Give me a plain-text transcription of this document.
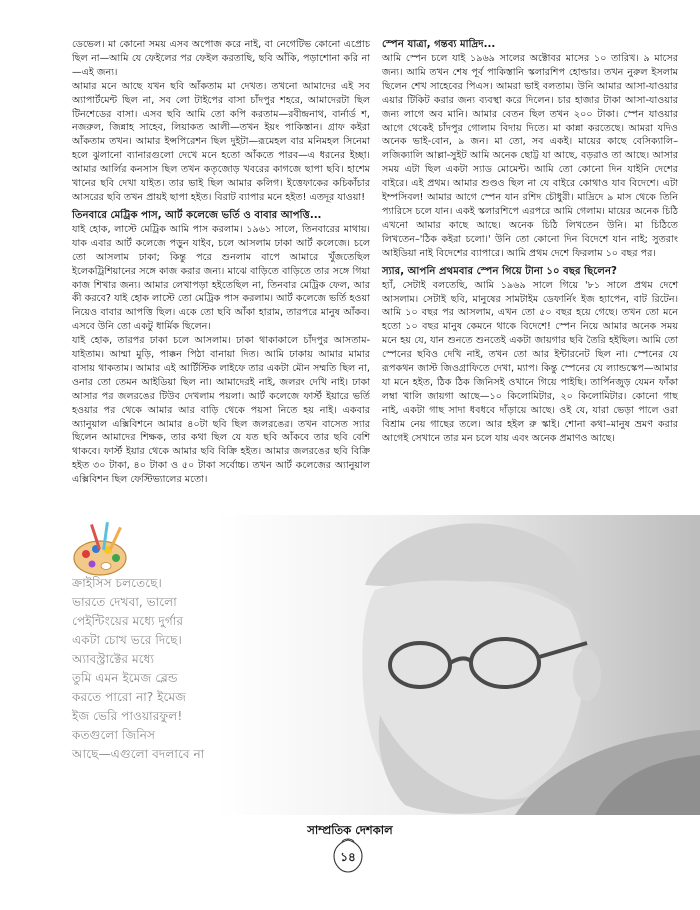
ডেভেল। মা কোনো সময় এসব অপোজ করে নাই, বা নেগেটিভ কোনো এপ্রোচ ছিল না—আমি যে ফেইলের পর ফেইল করতাছি, ছবি আঁকি, পড়াশোনা করি না—এই জন্য।

আমার মনে আছে যখন ছবি আঁকতাম মা দেখত। তখনো আমাদের এই সব অ্যাপার্টমেন্ট ছিল না, সব লো টাইপের বাসা চাঁদপুর শহরে, আমাদেরটা ছিল টিনশেডের বাসা। এসব ছবি আমি তো কপি করতাম—রবীন্দ্রনাথ, বার্নার্ড শ, নজরুল, জিন্নাহ সাহেব, লিয়াকত আলী—তখন ইয়ং পাকিস্তান। গ্রাফ কইরা আঁকতাম তখন। আমার ইন্সপিরেশন ছিল দুইটা—রূমেহল বার মনিমহল সিনেমা হলে ঝুলানো ব্যানারগুলো দেখে মনে হতো আঁকতে পারব—এ ধরনের ইচ্ছা। আমার আর্লির কনসাস ছিল তখন কতৃজোড় খবরের কাগজে ছাপা ছবি। হাশেম খানের ছবি দেখা যাইত। তার ভাই ছিল আমার কলিগ। ইত্তেফাকের কচিকাঁচার আসরের ছবি তখন প্রায়ই ছাপা হইত। বিরাট ব্যাপার মনে হইত! এতদূর যাওয়া!

তিনবারে মেট্রিক পাস, আর্ট কলেজে ভর্তি ও বাবার আপত্তি...

যাই হোক, লাস্টে মেট্রিক আমি পাস করলাম। ১৯৬১ সালে, তিনবারের মাথায়। যাক এবার আর্ট কলেজে পড়ুন যাইব, চলে আসলাম ঢাকা আর্ট কলেজে। চলে তো আসলাম ঢাকা; কিন্তু পরে শুনলাম বাপে আমারে খুঁজতেছিল ইলেকট্রিশিয়ানের সঙ্গে কাজ করার জন্য। মাঝে বাড়িতে বাড়িতে তার সঙ্গে গিয়া কাজ শিখার জন্য। আমার লেখাপড়া হইতেছিল না, তিনবার মেট্রিক ফেল, আর কী করবে? যাই হোক লাস্টে তো মেট্রিক পাস করলাম। আর্ট কলেজে ভর্তি হওয়া নিয়েও বাবার আপত্তি ছিল। একে তো ছবি আঁকা হারাম, তারপরে মানুষ আঁকব। এসবে উনি তো একটু ধার্মিক ছিলেন।

যাই হোক, তারপর ঢাকা চলে আসলাম। ঢাকা থাকাকালে চাঁদপুর আসতাম-যাইতাম। আম্মা মুড়ি, পাক্কন পিঠা বানায়া দিত। আমি ঢাকায় আমার মামার বাসায় থাকতাম। আমার এই আর্টিস্টিক লাইফে তার একটা মৌন সম্মতি ছিল না, ওনার তো তেমন আইডিয়া ছিল না। আমাদেরই নাই, জলরং দেখি নাই। ঢাকা আসার পর জলরঙের টিউব দেখলাম পয়লা। আর্ট কলেজে ফার্স্ট ইয়ারে ভর্তি হওয়ার পর থেকে আমার আর বাড়ি থেকে পয়সা নিতে হয় নাই। একবার অ্যানুয়াল এক্সিবিশনে আমার ৪০টা ছবি ছিল জলরঙের। তখন বাসেত স্যার ছিলেন আমাদের শিক্ষক, তার কথা ছিল যে যত ছবি আঁকবে তার ছবি বেশি থাকবে। ফার্স্ট ইয়ার থেকে আমার ছবি বিক্রি হইত। আমার জলরঙের ছবি বিক্রি হইত ৩০ টাকা, ৪০ টাকা ও ৫০ টাকা সর্বোচ্চ। তখন আর্ট কলেজের অ্যানুয়াল এক্সিবিশন ছিল ফেস্টিভ্যালের মতো।

স্পেন যাত্রা, গন্তব্য মাদ্রিদ...

আমি স্পেন চলে যাই ১৯৬৯ সালের অক্টোবর মাসের ১০ তারিখ। ৯ মাসের জন্য। আমি তখন শেষ পূর্ব পাকিস্তানি স্কলারশিপ হোল্ডার। তখন নুরুল ইসলাম ছিলেন শেখ সাহেবের পিএস। আমরা ভাই বলতাম। উনি আমার আসা-যাওয়ার এয়ার টিকিট করার জন্য ব্যবস্থা করে দিলেন। চার হাজার টাকা আসা-যাওয়ার জন্য লাগে অব মানি। আমার বেতন ছিল তখন ২০০ টাকা। স্পেন যাওয়ার আগে থেকেই চাঁদপুর গোলাম বিদায় দিতে। মা কান্না করতেছে। আমরা যদিও অনেক ভাই-বোন, ৯ জন। মা তো, সব একই। মায়ের কাছে বেসিক্যালি– লজিক্যালি আল্লা-সুইট আমি অনেক ছোট্ট যা আছে, বড়রাও তা আছে। আসার সময় এটা ছিল একটা স্যাড মোমেন্ট। আমি তো কোনো দিন যাইনি দেশের বাইরে। এই প্রথম। আমার শুণ্ডও ছিল না যে বাইরে কোথাও যাব বিদেশে। এটা ইম্পসিবল! আমার আগে স্পেন যান রশিদ চৌধুরী। মাদ্রিদে ৯ মাস থেকে তিনি প্যারিসে চলে যান। একই স্কলারশিপে এরপরে আমি গেলাম। মায়ের অনেক চিঠি এখনো আমার কাছে আছে। অনেক চিঠি লিখতেন উনি। মা চিঠিতে লিখতেন–'ঠিক কইরা চলো।' উনি তো কোনো দিন বিদেশে যান নাই; সুতরাং আইডিয়া নাই বিদেশের ব্যাপারে। আমি প্রথম দেশে ফিরলাম ১০ বছর পর।

স্যার, আপনি প্রথমবার স্পেন গিয়ে টানা ১০ বছর ছিলেন?

হ্যাঁ, সেটাই বলতেছি, আমি ১৯৬৯ সালে গিয়ে '৮১ সালে প্রথম দেশে আসলাম। সেটাই ছবি, মানুষের সামটাইম ডেফার্নিং ইজ হ্যাপেন, বাট রিটেন। আমি ১০ বছর পর আসলাম, এখন তো ৫০ বছর হয়ে গেছে। তখন তো মনে হতো ১০ বছর মানুষ কেমনে থাকে বিদেশে! স্পেন নিয়ে আমার অনেক সময় মনে হয় যে, যান শুনতে শুনতেই একটা জায়গার ছবি তৈরি হইছিল। আমি তো স্পেনের ছবিও দেখি নাই, তখন তো আর ইন্টারনেট ছিল না। স্পেনের যে রূপকথন জাস্ট জিওগ্রাফিতে দেখা, ম্যাপ। কিন্তু স্পেনের যে ল্যান্ডস্কেপ—আমার যা মনে হইত, ঠিক ঠিক জিনিসই ওখানে গিয়ে পাইছি। তার্পিনজুড় যেমন ফাঁকা লম্বা খালি জায়গা আছে—১০ কিলোমিটার, ২০ কিলোমিটার। কোনো গাছ নাই, একটা গাছ সাদা ধবধবে দাঁড়ায়ে আছে। ওই যে, যারা ভেড়া পালে ওরা বিশ্রাম নেয় গাছের তলে। আর হইল রু স্কাই। শোনা কথা–মানুষ ভ্রমণ করার আগেই সেখানে তার মন চলে যায় এবং অনেক প্রমাণও আছে।

ক্রাইসিস চলতেছে।
ভারতে দেখবা, ভালো
পেইন্টিংয়ের মধ্যে দুর্গার
একটা চোখ ভরে দিছে।
অ্যাবস্ট্রাক্টের মধ্যে
তুমি এমন ইমেজ ব্লেন্ড
করতে পারো না? ইমেজ
ইজ ভেরি পাওয়ারফুল!
কতগুলো জিনিস
আছে—এগুলো বদলাবে না
সাম্প্রতিক দেশকাল
১৪
